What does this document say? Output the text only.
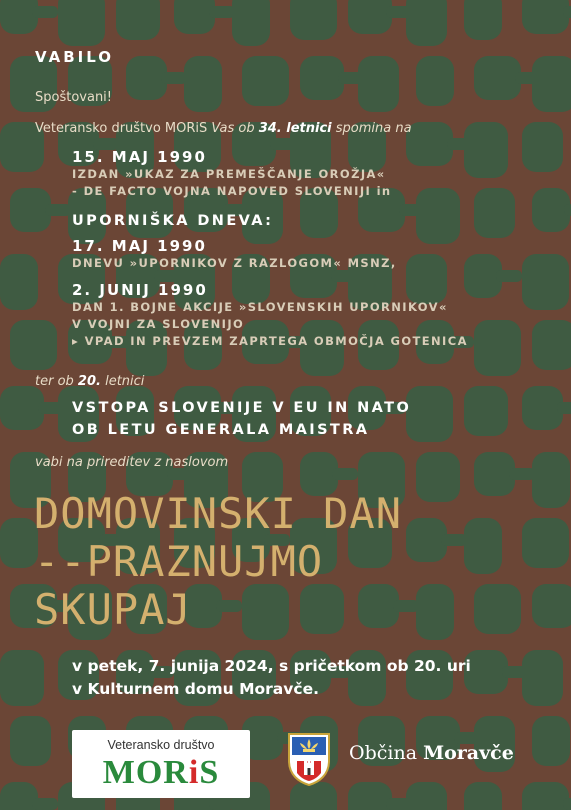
VABILO
Spoštovani!
Veteransko društvo MORiS Vas ob 34. letnici spomina na
15. MAJ 1990
IZDAN »UKAZ ZA PREMEŠČANJE OROŽJA«
- DE FACTO VOJNA NAPOVED SLOVENIJI in
UPORNIŠKA DNEVA:
17. MAJ 1990
DNEVU »UPORNIKOV Z RAZLOGOM« MSNZ,
2. JUNIJ 1990
DAN 1. BOJNE AKCIJE »SLOVENSKIH UPORNIKOV«
V VOJNI ZA SLOVENIJO
▸ VPAD IN PREVZEM ZAPRTEGA OBMOČJA GOTENICA
ter ob 20. letnici
VSTOPA SLOVENIJE V EU IN NATO
OB LETU GENERALA MAISTRA
vabi na prireditev z naslovom
DOMOVINSKI DAN
--PRAZNUJMO
SKUPAJ
v petek, 7. junija 2024, s pričetkom ob 20. uri
v Kulturnem domu Moravče.
Veteransko društvo
MORiS
Občina Moravče
